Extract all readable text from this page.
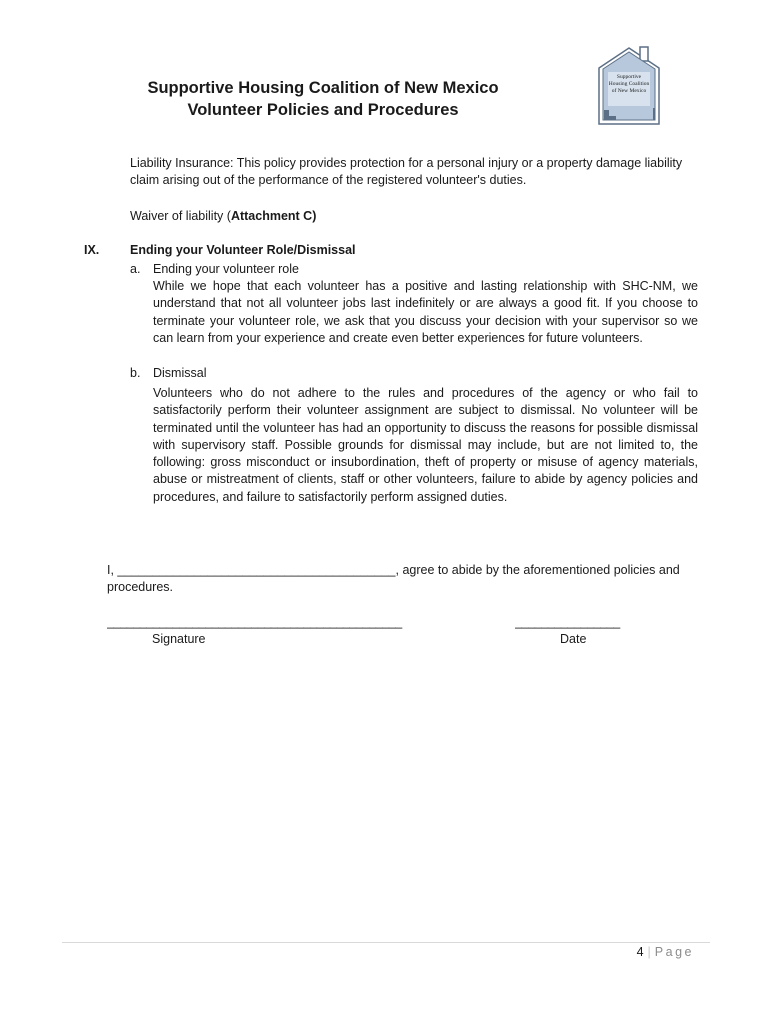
Supportive Housing Coalition of New Mexico
Volunteer Policies and Procedures
Supportive
Housing Coalition
of New Mexico
Liability Insurance: This policy provides protection for a personal injury or a property damage liability claim arising out of the performance of the registered volunteer's duties.
Waiver of liability (Attachment C)
IX. Ending your Volunteer Role/Dismissal
a. Ending your volunteer role
While we hope that each volunteer has a positive and lasting relationship with SHC-NM, we understand that not all volunteer jobs last indefinitely or are always a good fit. If you choose to terminate your volunteer role, we ask that you discuss your decision with your supervisor so we can learn from your experience and create even better experiences for future volunteers.
b. Dismissal
Volunteers who do not adhere to the rules and procedures of the agency or who fail to satisfactorily perform their volunteer assignment are subject to dismissal. No volunteer will be terminated until the volunteer has had an opportunity to discuss the reasons for possible dismissal with supervisory staff. Possible grounds for dismissal may include, but are not limited to, the following: gross misconduct or insubordination, theft of property or misuse of agency materials, abuse or mistreatment of clients, staff or other volunteers, failure to abide by agency policies and procedures, and failure to satisfactorily perform assigned duties.
I, ________________________________________, agree to abide by the aforementioned policies and procedures.
_____________________________________________
Signature
________________
Date
4 | Page
